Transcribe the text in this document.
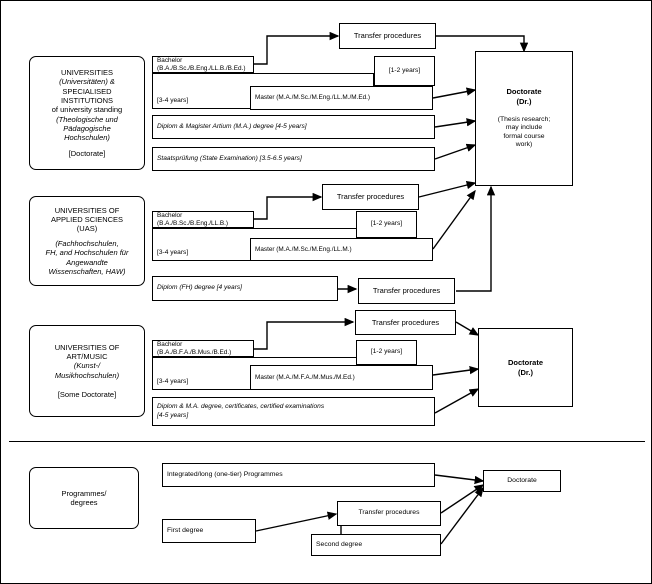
UNIVERSITIES
(Universitäten) &
SPECIALISED
INSTITUTIONS
of university standing
(Theologische und
Pädagogische
Hochschulen)
[Doctorate]
UNIVERSITIES OF
APPLIED SCIENCES
(UAS)
(Fachhochschulen,
FH, and Hochschulen für
Angewandte
Wissenschaften, HAW)
UNIVERSITIES OF
ART/MUSIC
(Kunst-/
Musikhochschulen)
[Some Doctorate]
Programmes/
degrees
Transfer procedures
Bachelor (B.A./B.Sc./B.Eng./LL.B./B.Ed.)
[3-4 years]
[1-2 years]
Master (M.A./M.Sc./M.Eng./LL.M./M.Ed.)
Diplom & Magister Artium (M.A.) degree [4-5 years]
Staatsprüfung (State Examination) [3.5-6.5 years]
Doctorate
(Dr.)
(Thesis research;
may include
formal course
work)
Transfer procedures
Bachelor (B.A./B.Sc./B.Eng./LL.B.)
[3-4 years]
[1-2 years]
Master (M.A./M.Sc./M.Eng./LL.M.)
Diplom (FH) degree [4 years]	Transfer procedures
Transfer procedures
Bachelor (B.A./B.F.A./B.Mus./B.Ed.)
[3-4 years]
[1-2 years]
Master (M.A./M.F.A./M.Mus./M.Ed.)
Diplom & M.A. degree, certificates, certified examinations
[4-5 years]
Doctorate
(Dr.)
Integrated/long (one-tier) Programmes
First degree
Transfer procedures
Second degree
Doctorate
